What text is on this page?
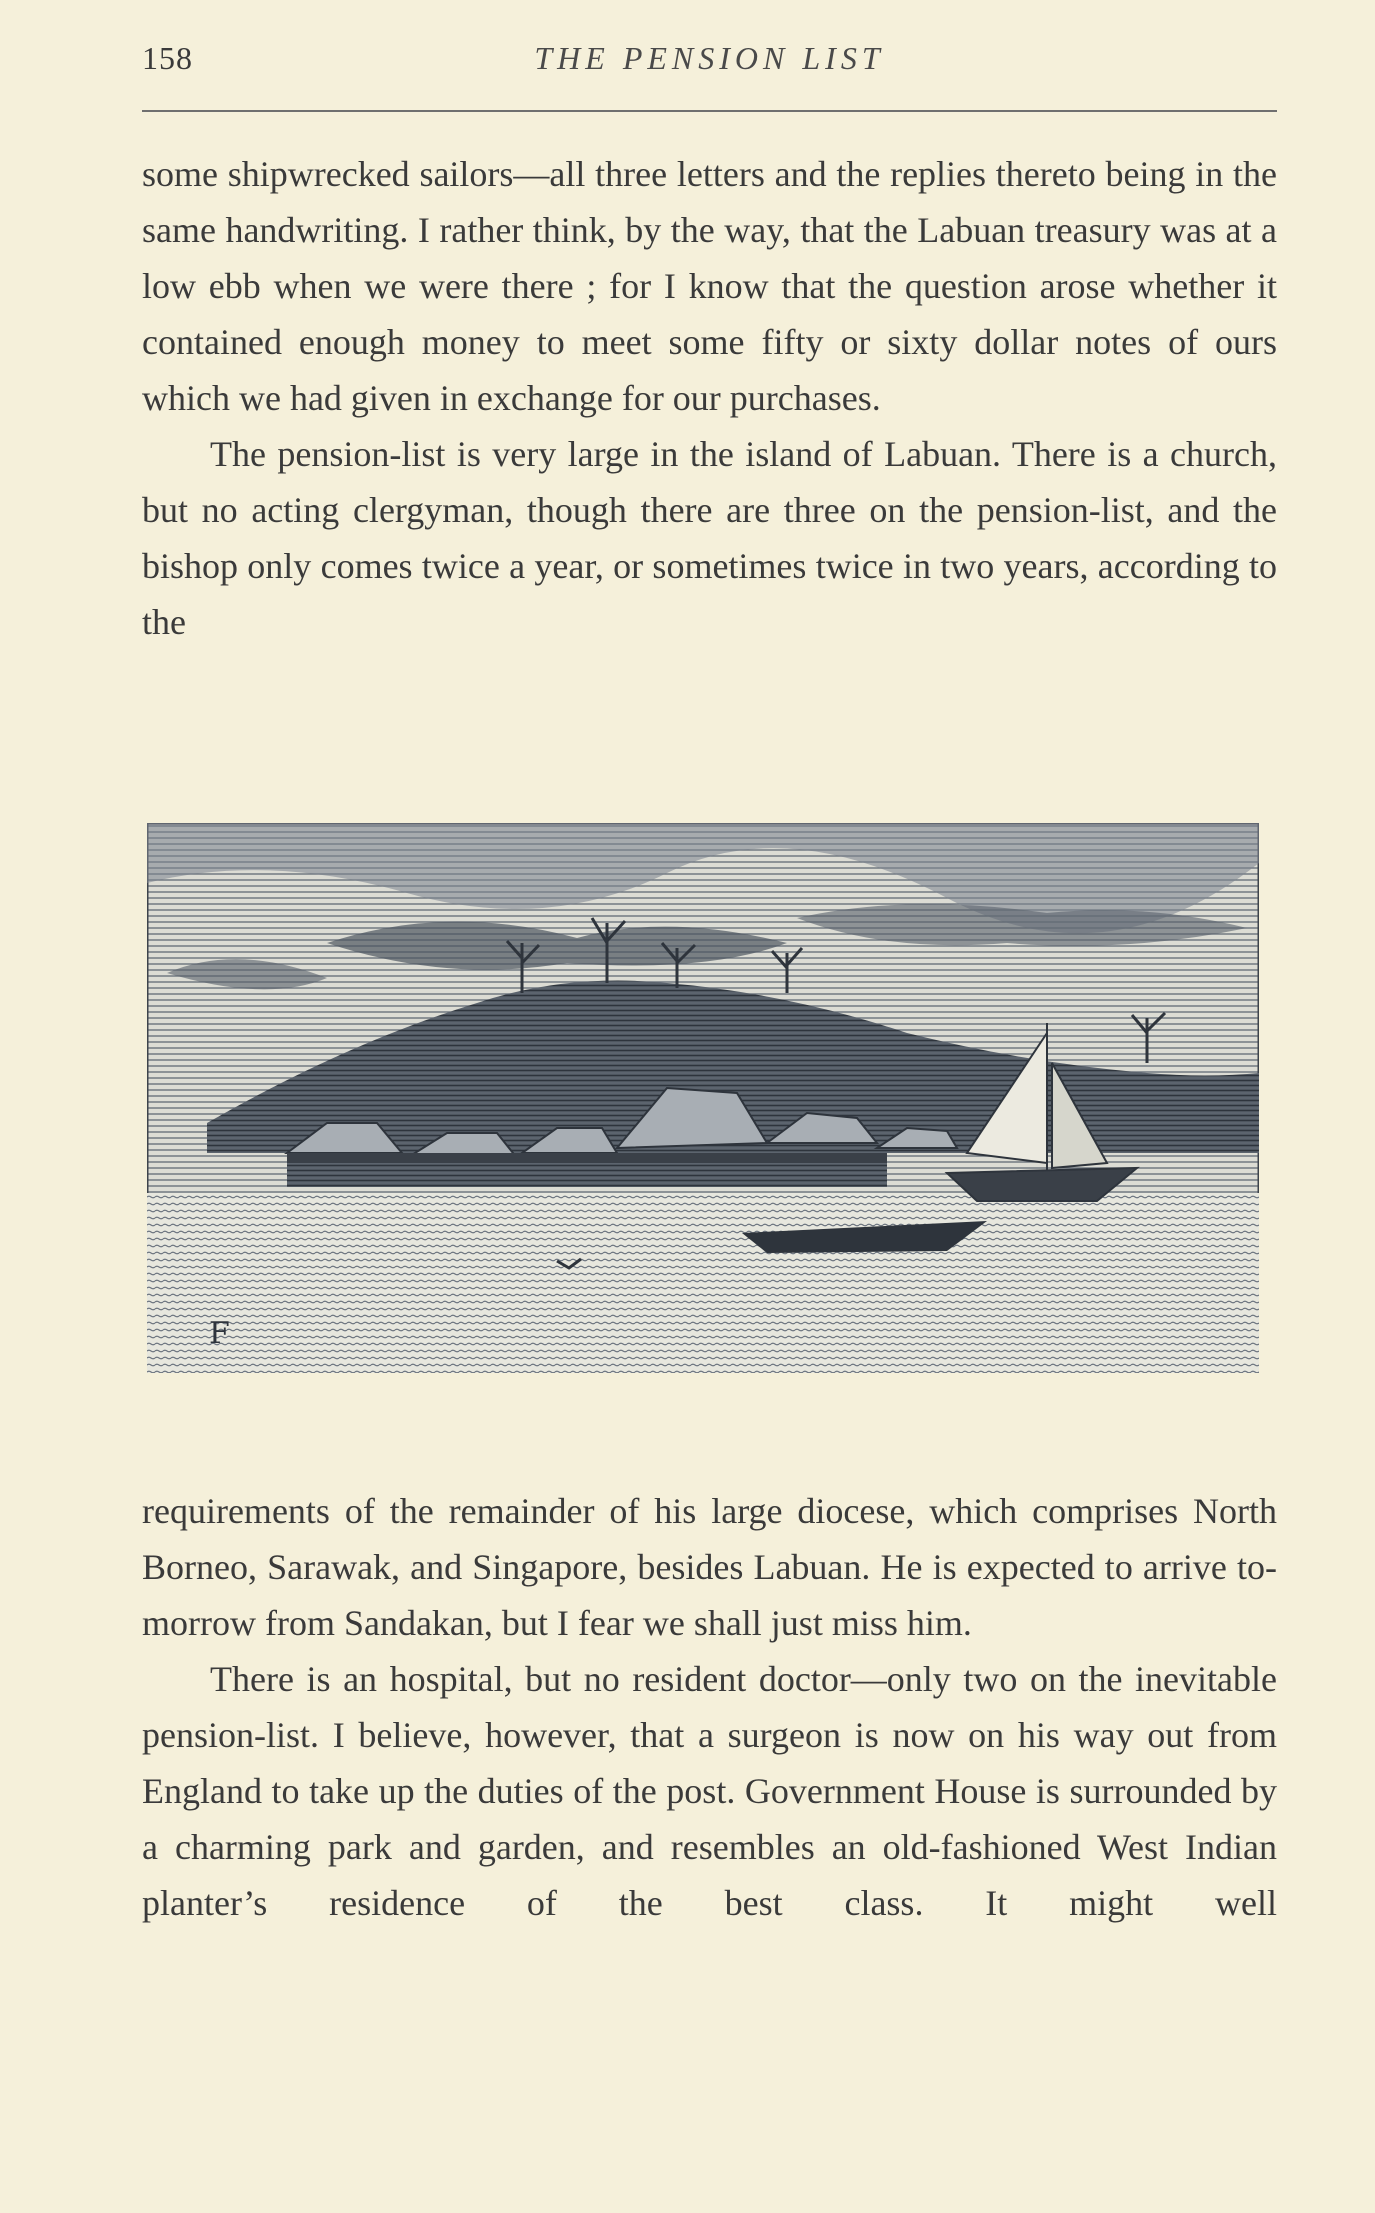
158	THE PENSION LIST

some shipwrecked sailors—all three letters and the replies thereto being in the same handwriting. I rather think, by the way, that the Labuan treasury was at a low ebb when we were there ; for I know that the question arose whether it contained enough money to meet some fifty or sixty dollar notes of ours which we had given in exchange for our purchases.

The pension-list is very large in the island of Labuan. There is a church, but no acting clergyman, though there are three on the pension-list, and the bishop only comes twice a year, or sometimes twice in two years, according to the

F

requirements of the remainder of his large diocese, which comprises North Borneo, Sarawak, and Singapore, besides Labuan. He is expected to arrive to-morrow from Sandakan, but I fear we shall just miss him.

There is an hospital, but no resident doctor—only two on the inevitable pension-list. I believe, however, that a surgeon is now on his way out from England to take up the duties of the post. Government House is surrounded by a charming park and garden, and resembles an old-fashioned West Indian planter’s residence of the best class. It might well
